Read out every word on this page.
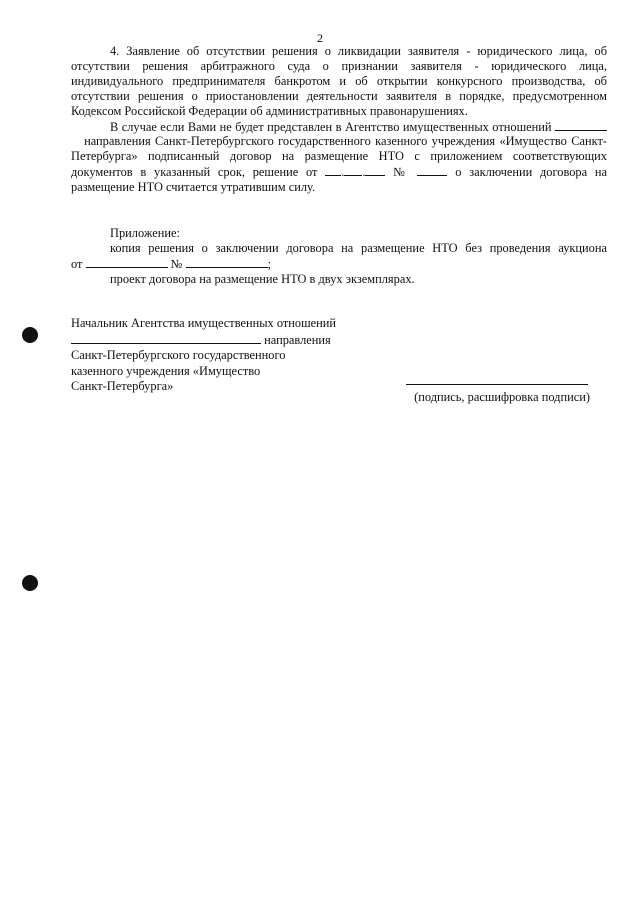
2

4. Заявление об отсутствии решения о ликвидации заявителя - юридического лица, об отсутствии решения арбитражного суда о признании заявителя - юридического лица, индивидуального предпринимателя банкротом и об открытии конкурсного производства, об отсутствии решения о приостановлении деятельности заявителя в порядке, предусмотренном Кодексом Российской Федерации об административных правонарушениях.

В случае если Вами не будет представлен в Агентство имущественных отношений    направления Санкт-Петербургского государственного казенного учреждения «Имущество Санкт-Петербурга» подписанный договор на размещение НТО с приложением соответствующих документов в указанный срок, решение от . . №	о заключении договора на размещение НТО считается утратившим силу.

Приложение:
копия решения о заключении договора на размещение НТО без проведения аукциона
от	№	;
проект договора на размещение НТО в двух экземплярах.
Начальник Агентства имущественных отношений
направления
Санкт-Петербургского государственного
казенного учреждения «Имущество
Санкт-Петербурга»
(подпись, расшифровка подписи)
